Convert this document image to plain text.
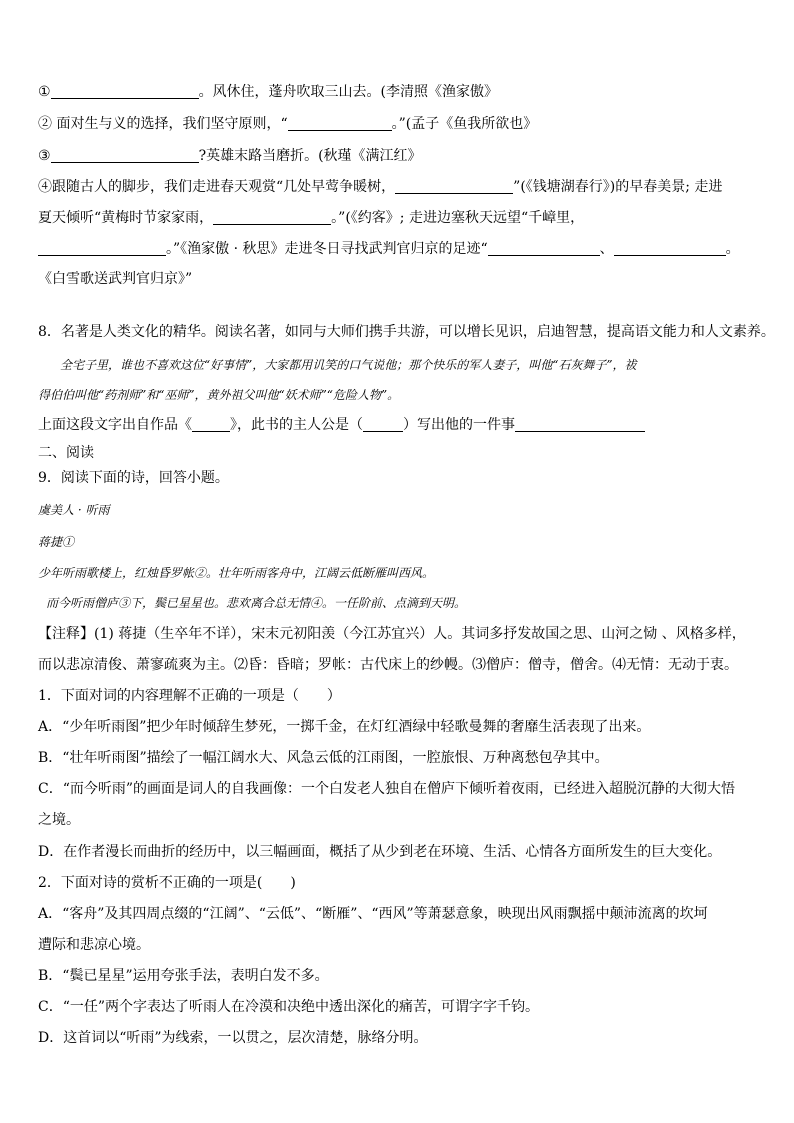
①	。风休住，蓬舟吹取三山去。(李清照《渔家傲》
② 面对生与义的选择，我们坚守原则，“	。”(孟子《鱼我所欲也》
③	?英雄末路当磨折。(秋瑾《满江红》
④跟随古人的脚步，我们走进春天观赏“几处早莺争暖树，	”(《钱塘湖春行》)的早春美景; 走进
夏天倾听“黄梅时节家家雨，	。”(《约客》; 走进边塞秋天远望“千嶂里，
。”《渔家傲 · 秋思》走进冬日寻找武判官归京的足迹“	、	。
《白雪歌送武判官归京》”
8．名著是人类文化的精华。阅读名著，如同与大师们携手共游，可以增长见识，启迪智慧，提高语文能力和人文素养。
全宅子里，谁也不喜欢这位“好事情”，大家都用讥笑的口气说他；那个快乐的军人妻子，叫他“石灰舞子”，祓
得伯伯叫他“药剂师”和“巫师”，黄外祖父叫他“妖术师”“危险人物”。
上面这段文字出自作品《	》，此书的主人公是（	）写出他的一件事
二、阅读
9．阅读下面的诗，回答小题。
虞美人 · 听雨
蒋捷①
少年听雨歌楼上，红烛昏罗帐②。壮年听雨客舟中，江阔云低断雁叫西风。
而今听雨僧庐③下，鬓已星星也。悲欢离合总无情④。一任阶前、点滴到天明。
【注释】(1) 蒋捷（生卒年不详），宋末元初阳羡（今江苏宜兴）人。其词多抒发故国之思、山河之恸 、风格多样，
而以悲凉清俊、萧寥疏爽为主。⑵昏：昏暗；罗帐：古代床上的纱幔。⑶僧庐：僧寺，僧舍。⑷无情：无动于衷。
1．下面对词的内容理解不正确的一项是（　　）
A．“少年听雨图”把少年时倾辞生梦死，一掷千金，在灯红酒绿中轻歌曼舞的奢靡生活表现了出来。
B．“壮年听雨图”描绘了一幅江阔水大、风急云低的江雨图，一腔旅恨、万种离愁包孕其中。
C．“而今听雨”的画面是词人的自我画像：一个白发老人独自在僧庐下倾听着夜雨，已经进入超脱沉静的大彻大悟
之境。
D．在作者漫长而曲折的经历中，以三幅画面，概括了从少到老在环境、生活、心情各方面所发生的巨大变化。
2．下面对诗的赏析不正确的一项是(　　)
A．“客舟”及其四周点缀的“江阔”、“云低”、“断雁”、“西风”等萧瑟意象，映现出风雨飘摇中颠沛流离的坎坷
遭际和悲凉心境。
B．“鬓已星星”运用夸张手法，表明白发不多。
C．“一任”两个字表达了听雨人在冷漠和决绝中透出深化的痛苦，可谓字字千钧。
D．这首词以“听雨”为线索，一以贯之，层次清楚，脉络分明。
